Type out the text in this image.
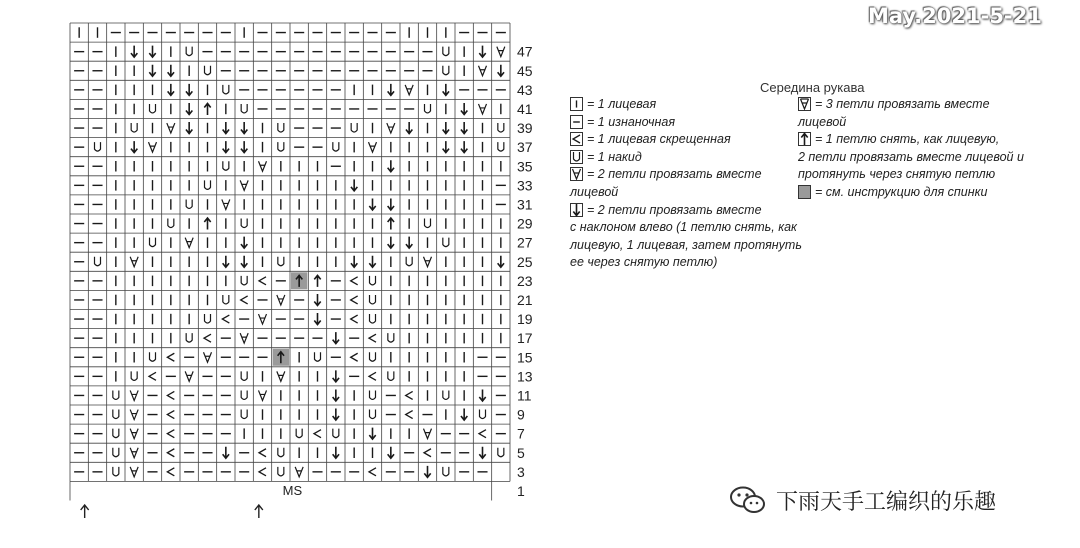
47
45
43
41
39
37
35
33
31
29
27
25
23
21
19
17
15
13
11
9
7
5
3
1
MS
May.2021-5-21
Середина рукава
= 1 лицевая
= 1 изнаночная
= 1 лицевая скрещенная
= 1 накид
= 2 петли провязать вместе
лицевой
= 2 петли провязать вместе
с наклоном влево (1 петлю снять, как
лицевую, 1 лицевая, затем протянуть
ее через снятую петлю)
= 3 петли провязать вместе
лицевой
= 1 петлю снять, как лицевую,
2 петли провязать вместе лицевой и
протянуть через снятую петлю
= см. инструкцию для спинки
下雨天手工编织的乐趣
